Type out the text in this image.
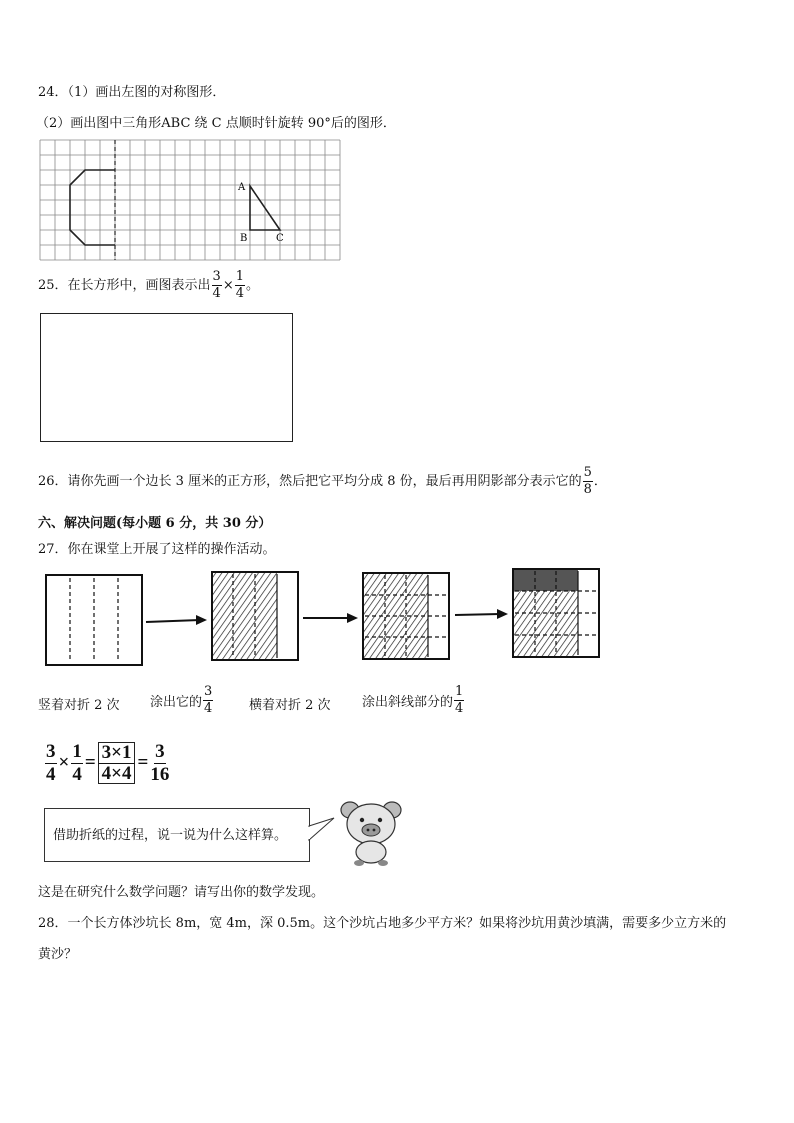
24．（1）画出左图的对称图形．
（2）画出图中三角形ABC 绕 C 点顺时针旋转 90°后的图形．
A
B	C
25．在长方形中，画图表示出 $\frac{3}{4} \times \frac{1}{4}$ 。
26．请你先画一个边长 3 厘米的正方形，然后把它平均分成 8 份，最后再用阴影部分表示它的 $\frac{5}{8}$ ．
六、解决问题(每小题 6 分，共 30 分）
27．你在课堂上开展了这样的操作活动。
竖着对折 2 次 涂出它的 $\frac{3}{4}$	横着对折 2 次 涂出斜线部分的 $\frac{1}{4}$
$\frac{3}{4} \times \frac{1}{4} = \frac{3\times 1}{4\times 4} = \frac{3}{16}$
借助折纸的过程，说一说为什么这样算。
这是在研究什么数学问题？请写出你的数学发现。
28．一个长方体沙坑长 8m，宽 4m，深 0.5m。这个沙坑占地多少平方米？如果将沙坑用黄沙填满，需要多少立方米的
黄沙？
